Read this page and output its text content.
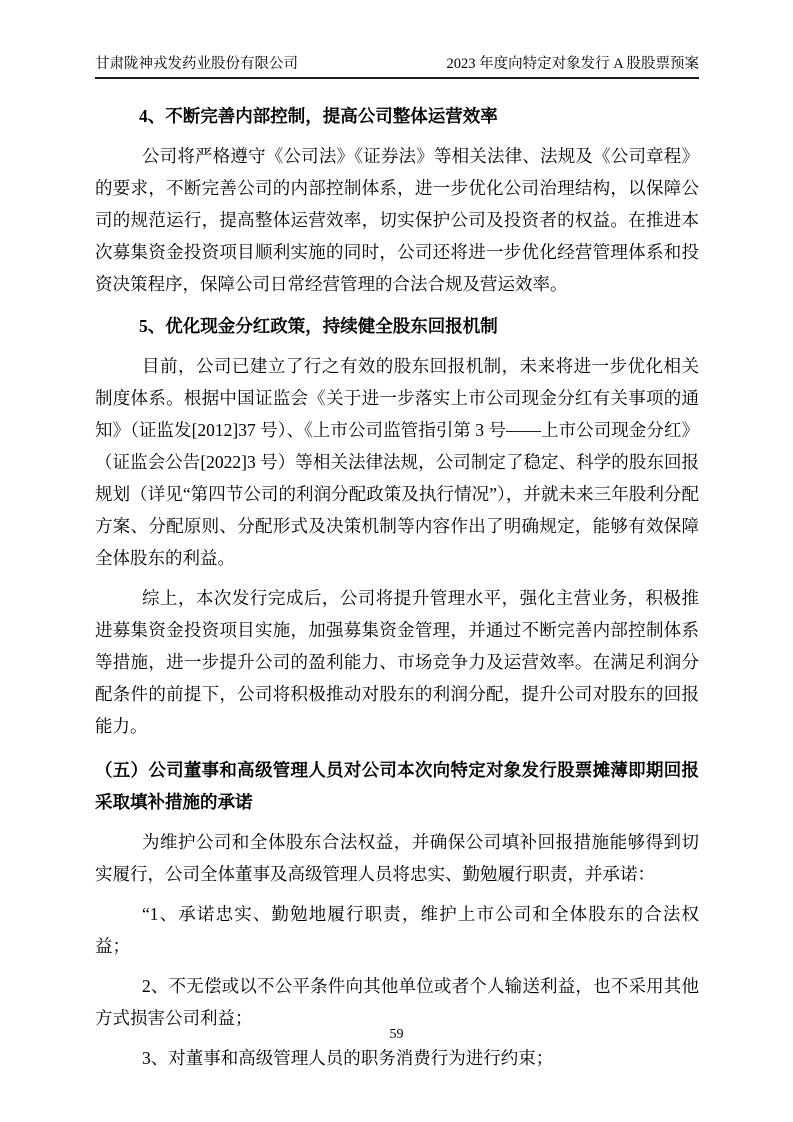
甘肃陇神戎发药业股份有限公司	2023 年度向特定对象发行 A 股股票预案
4、不断完善内部控制，提高公司整体运营效率

公司将严格遵守《公司法》《证券法》等相关法律、法规及《公司章程》的要求，不断完善公司的内部控制体系，进一步优化公司治理结构，以保障公司的规范运行，提高整体运营效率，切实保护公司及投资者的权益。在推进本次募集资金投资项目顺利实施的同时，公司还将进一步优化经营管理体系和投资决策程序，保障公司日常经营管理的合法合规及营运效率。

5、优化现金分红政策，持续健全股东回报机制

目前，公司已建立了行之有效的股东回报机制，未来将进一步优化相关制度体系。根据中国证监会《关于进一步落实上市公司现金分红有关事项的通知》（证监发[2012]37 号）、《上市公司监管指引第 3 号——上市公司现金分红》（证监会公告[2022]3 号）等相关法律法规，公司制定了稳定、科学的股东回报规划（详见“第四节公司的利润分配政策及执行情况”），并就未来三年股利分配方案、分配原则、分配形式及决策机制等内容作出了明确规定，能够有效保障全体股东的利益。

综上，本次发行完成后，公司将提升管理水平，强化主营业务，积极推进募集资金投资项目实施，加强募集资金管理，并通过不断完善内部控制体系等措施，进一步提升公司的盈利能力、市场竞争力及运营效率。在满足利润分配条件的前提下，公司将积极推动对股东的利润分配，提升公司对股东的回报能力。

（五）公司董事和高级管理人员对公司本次向特定对象发行股票摊薄即期回报采取填补措施的承诺

为维护公司和全体股东合法权益，并确保公司填补回报措施能够得到切实履行，公司全体董事及高级管理人员将忠实、勤勉履行职责，并承诺：

“1、承诺忠实、勤勉地履行职责，维护上市公司和全体股东的合法权益；

2、不无偿或以不公平条件向其他单位或者个人输送利益，也不采用其他方式损害公司利益；

3、对董事和高级管理人员的职务消费行为进行约束；

59
